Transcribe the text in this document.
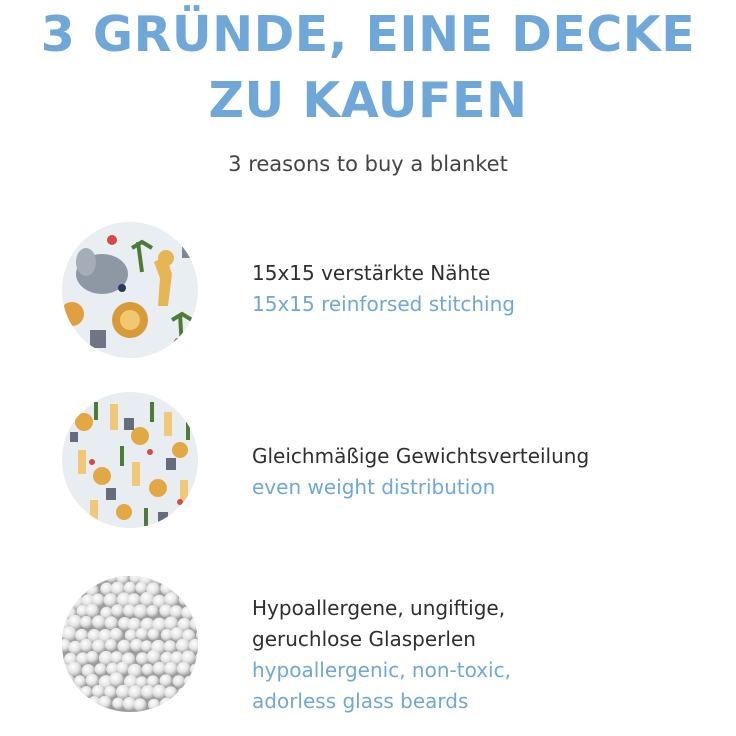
3 GRÜNDE, EINE DECKE
ZU KAUFEN
3 reasons to buy a blanket
15x15 verstärkte Nähte
15x15 reinforsed stitching
Gleichmäßige Gewichtsverteilung
even weight distribution
Hypoallergene, ungiftige,
geruchlose Glasperlen
hypoallergenic, non-toxic,
adorless glass beards
